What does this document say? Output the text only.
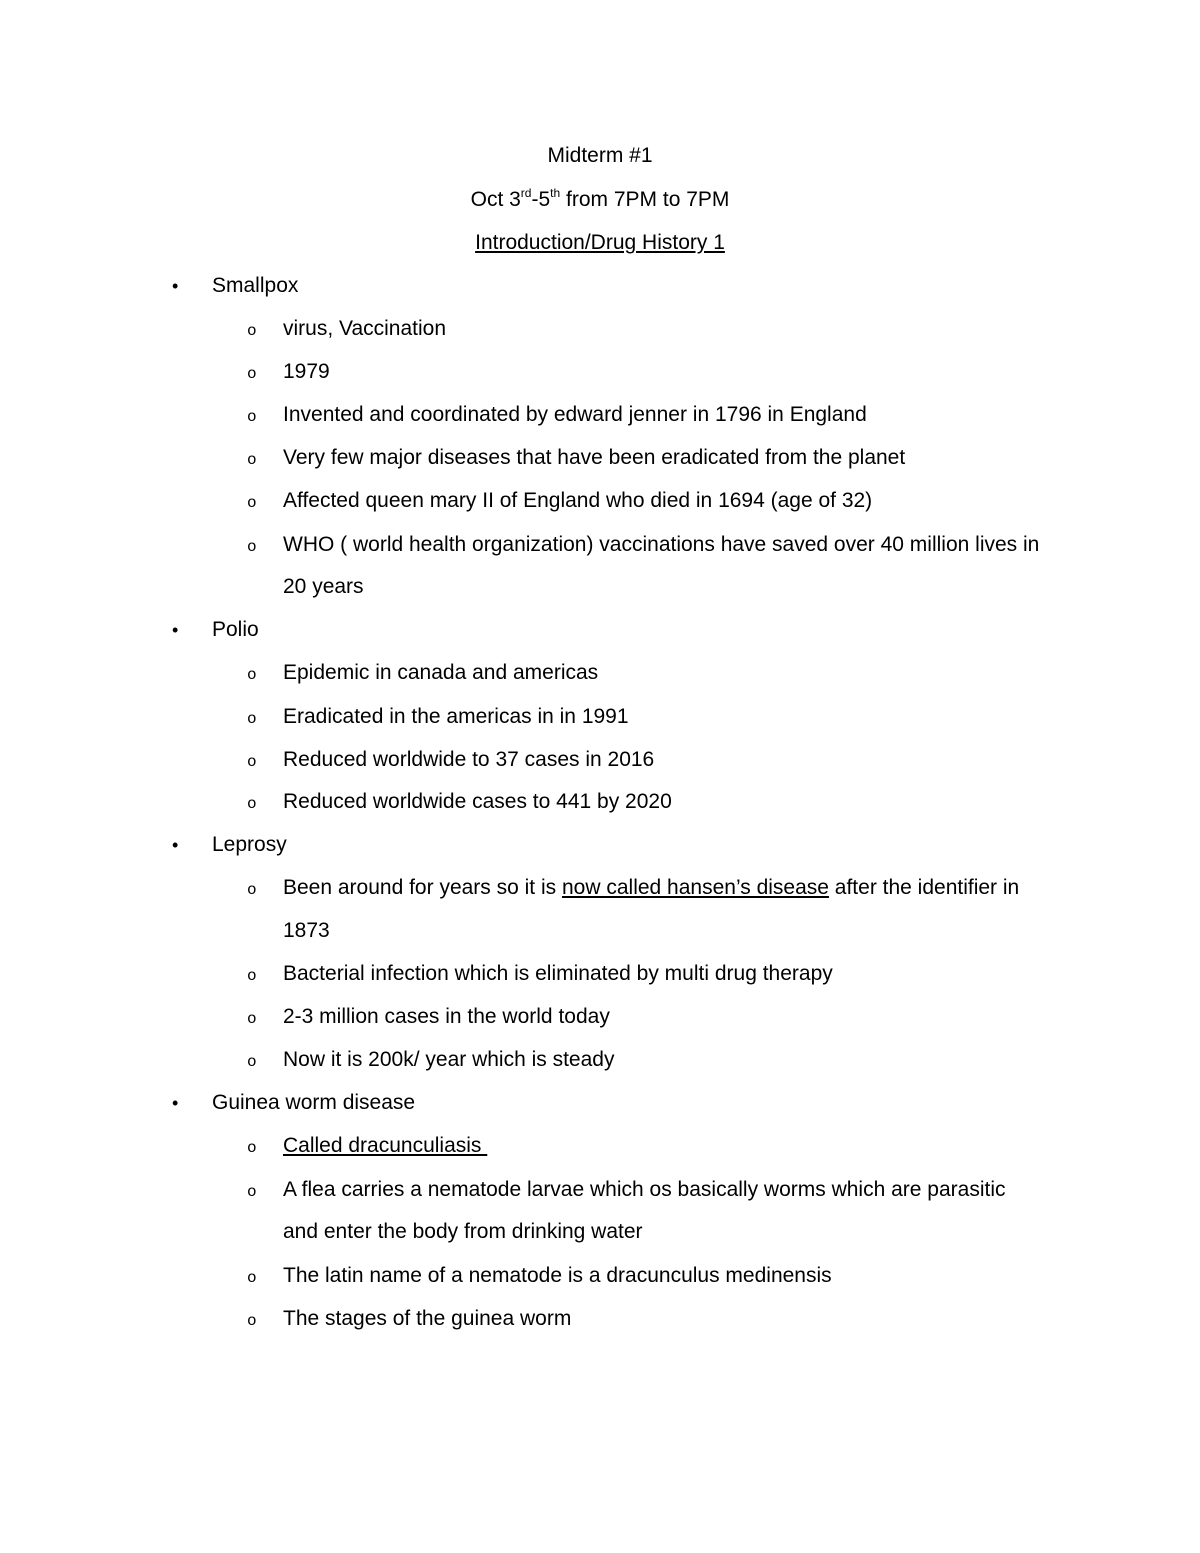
Midterm #1
Oct 3rd-5th from 7PM to 7PM
Introduction/Drug History 1
• Smallpox
o virus, Vaccination
o 1979
o Invented and coordinated by edward jenner in 1796 in England
o Very few major diseases that have been eradicated from the planet
o Affected queen mary II of England who died in 1694 (age of 32)
o WHO ( world health organization) vaccinations have saved over 40 million lives in
20 years
• Polio
o Epidemic in canada and americas
o Eradicated in the americas in in 1991
o Reduced worldwide to 37 cases in 2016
o Reduced worldwide cases to 441 by 2020
• Leprosy
o Been around for years so it is now called hansen’s disease after the identifier in
1873
o Bacterial infection which is eliminated by multi drug therapy
o 2-3 million cases in the world today
o Now it is 200k/ year which is steady
• Guinea worm disease
o Called dracunculiasis
o A flea carries a nematode larvae which os basically worms which are parasitic
and enter the body from drinking water
o The latin name of a nematode is a dracunculus medinensis
o The stages of the guinea worm
